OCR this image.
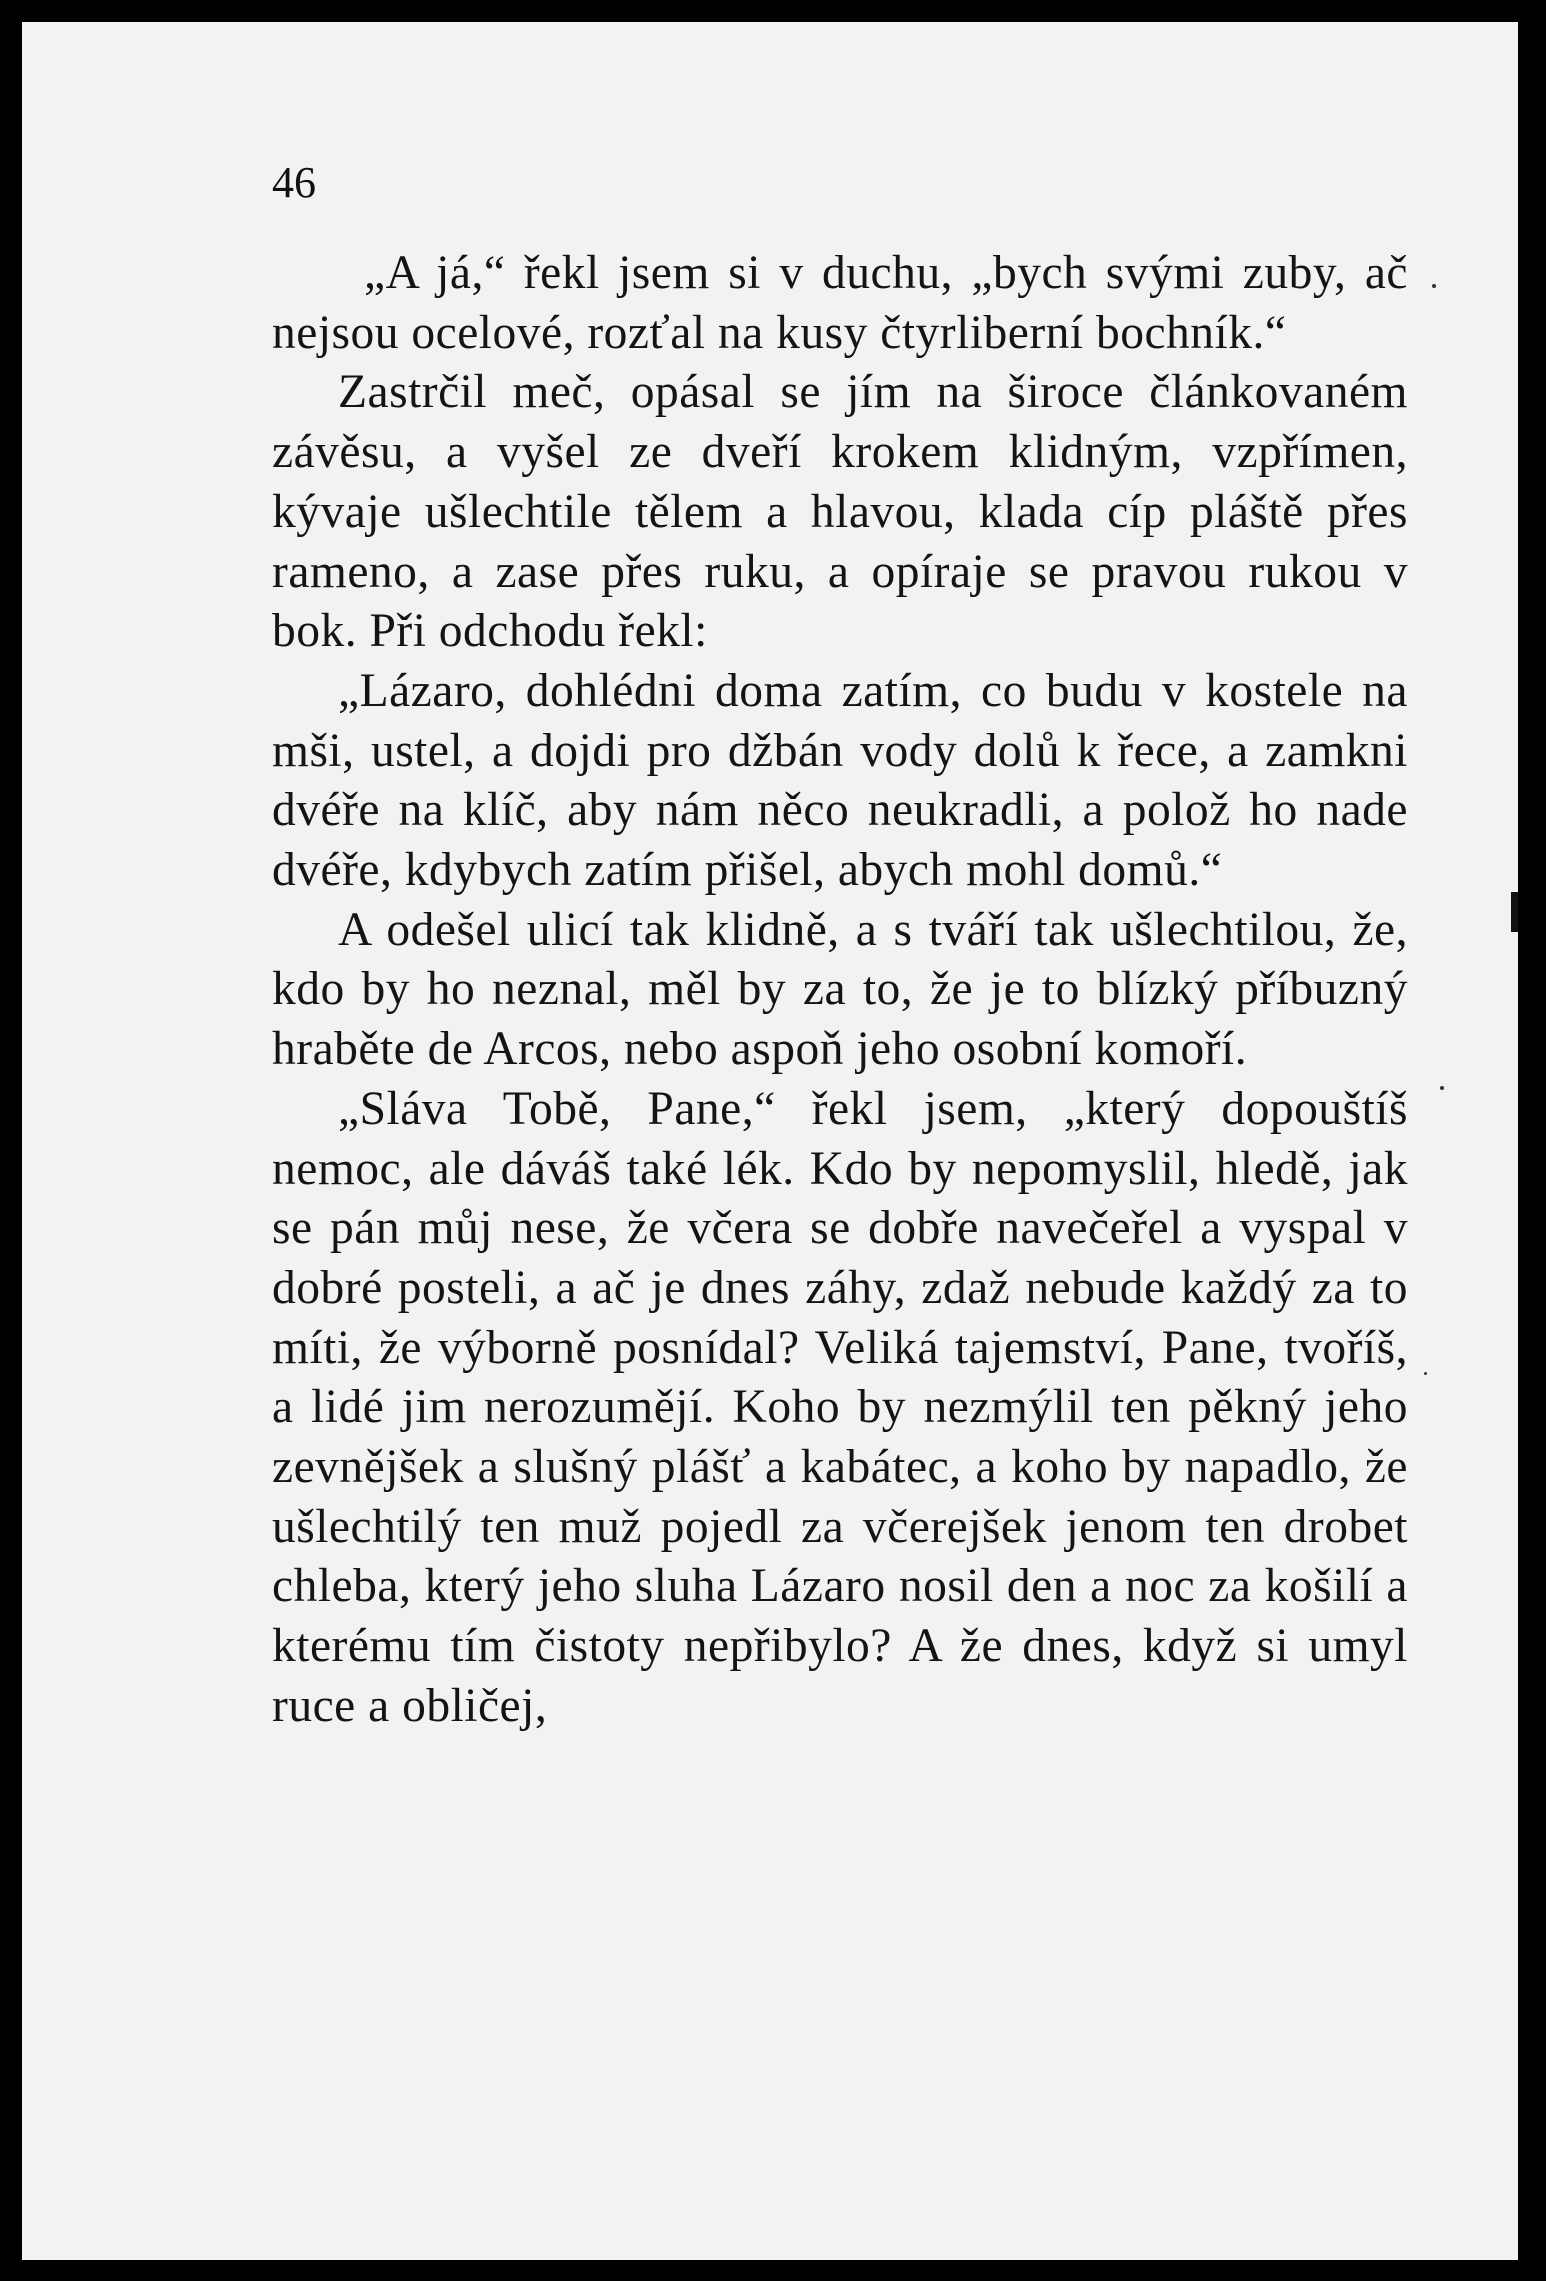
46

„A já,“ řekl jsem si v duchu, „bych svými zuby, ač nejsou ocelové, rozťal na kusy čtyrliberní bochník.“

Zastrčil meč, opásal se jím na široce článkovaném závěsu, a vyšel ze dveří krokem klidným, vzpřímen, kývaje ušlechtile tělem a hlavou, klada cíp pláště přes rameno, a zase přes ruku, a opíraje se pravou rukou v bok. Při odchodu řekl:

„Lázaro, dohlédni doma zatím, co budu v kostele na mši, ustel, a dojdi pro džbán vody dolů k řece, a zamkni dvéře na klíč, aby nám něco neukradli, a polož ho nade dvéře, kdybych zatím přišel, abych mohl domů.“

A odešel ulicí tak klidně, a s tváří tak ušlechtilou, že, kdo by ho neznal, měl by za to, že je to blízký příbuzný hraběte de Arcos, nebo aspoň jeho osobní komoří.

„Sláva Tobě, Pane,“ řekl jsem, „který dopouštíš nemoc, ale dáváš také lék. Kdo by nepomyslil, hledě, jak se pán můj nese, že včera se dobře navečeřel a vyspal v dobré posteli, a ač je dnes záhy, zdaž nebude každý za to míti, že výborně posnídal? Veliká tajemství, Pane, tvoříš, a lidé jim nerozumějí. Koho by nezmýlil ten pěkný jeho zevnějšek a slušný plášť a kabátec, a koho by napadlo, že ušlechtilý ten muž pojedl za včerejšek jenom ten drobet chleba, který jeho sluha Lázaro nosil den a noc za košilí a kterému tím čistoty nepřibylo? A že dnes, když si umyl ruce a obličej,
